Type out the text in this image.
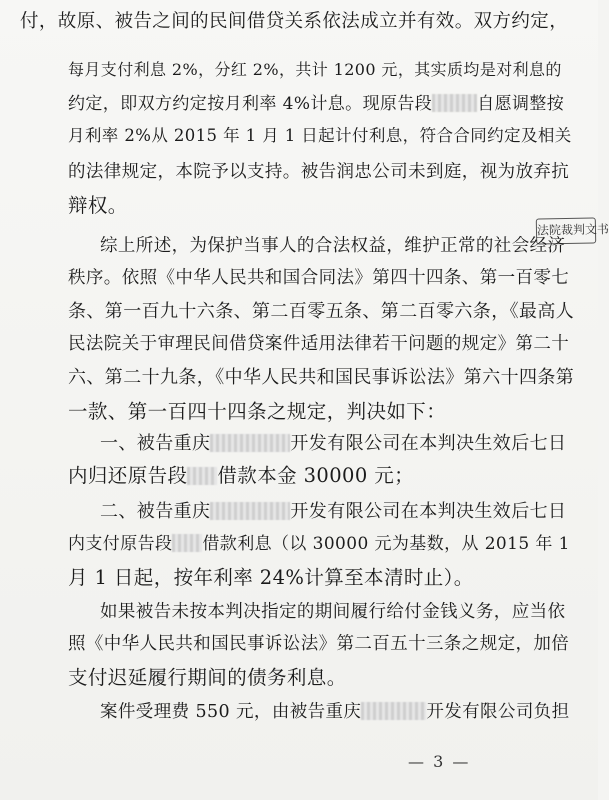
付，故原、被告之间的民间借贷关系依法成立并有效。双方约定，
每月支付利息 2%，分红 2%，共计 1200 元，其实质均是对利息的
约定，即双方约定按月利率 4%计息。现原告段	自愿调整按
月利率 2%从 2015 年 1 月 1 日起计付利息，符合合同约定及相关
的法律规定，本院予以支持。被告润忠公司未到庭，视为放弃抗
辩权。
法院裁判文书
综上所述，为保护当事人的合法权益，维护正常的社会经济
秩序。依照《中华人民共和国合同法》第四十四条、第一百零七
条、第一百九十六条、第二百零五条、第二百零六条，《最高人
民法院关于审理民间借贷案件适用法律若干问题的规定》第二十
六、第二十九条，《中华人民共和国民事诉讼法》第六十四条第
一款、第一百四十四条之规定，判决如下：
一、被告重庆	开发有限公司在本判决生效后七日
内归还原告段 借款本金 30000 元；
二、被告重庆	开发有限公司在本判决生效后七日
内支付原告段 借款利息（以 30000 元为基数，从 2015 年 1
月 1 日起，按年利率 24%计算至本清时止）。
如果被告未按本判决指定的期间履行给付金钱义务，应当依
照《中华人民共和国民事诉讼法》第二百五十三条之规定，加倍
支付迟延履行期间的债务利息。
案件受理费 550 元，由被告重庆	开发有限公司负担
— 3 —
